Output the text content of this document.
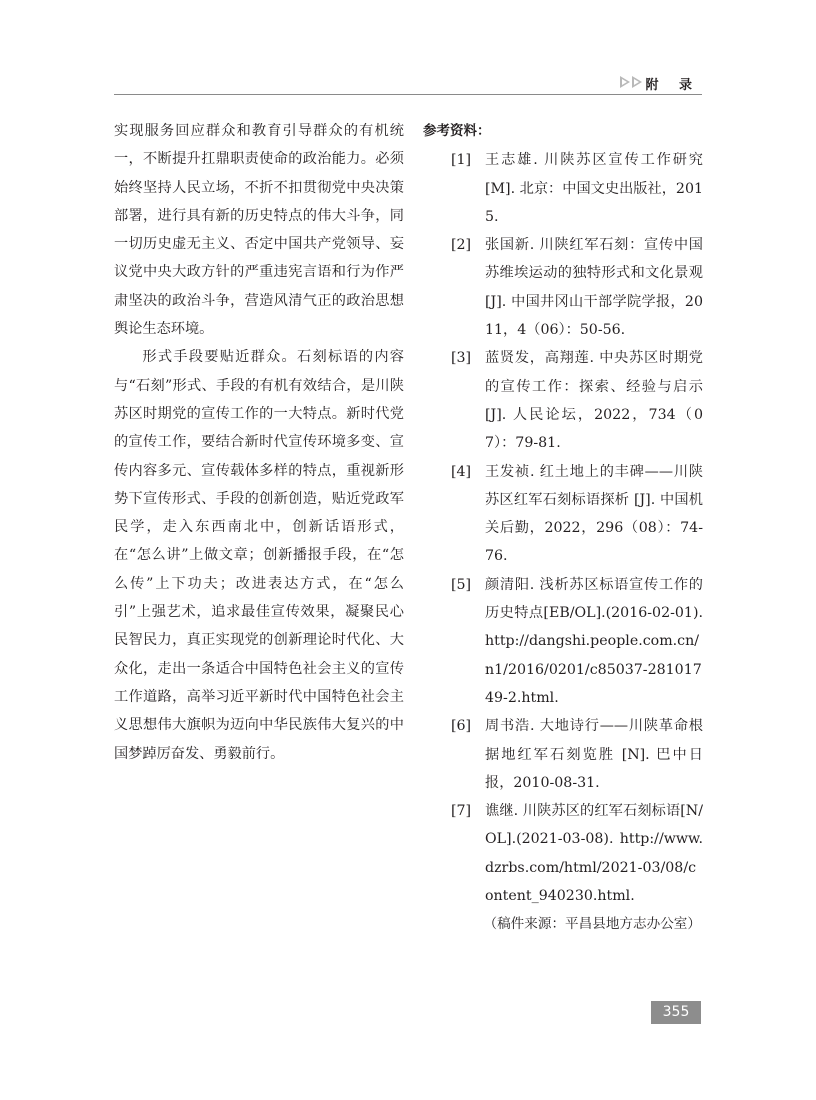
附 录

实现服务回应群众和教育引导群众的有机统一，不断提升扛鼎职责使命的政治能力。必须始终坚持人民立场，不折不扣贯彻党中央决策部署，进行具有新的历史特点的伟大斗争，同一切历史虚无主义、否定中国共产党领导、妄议党中央大政方针的严重违宪言语和行为作严肃坚决的政治斗争，营造风清气正的政治思想舆论生态环境。

形式手段要贴近群众。石刻标语的内容与“石刻”形式、手段的有机有效结合，是川陕苏区时期党的宣传工作的一大特点。新时代党的宣传工作，要结合新时代宣传环境多变、宣传内容多元、宣传载体多样的特点，重视新形势下宣传形式、手段的创新创造，贴近党政军民学，走入东西南北中，创新话语形式，在“怎么讲”上做文章；创新播报手段，在“怎么传”上下功夫；改进表达方式，在“怎么引”上强艺术，追求最佳宣传效果，凝聚民心民智民力，真正实现党的创新理论时代化、大众化，走出一条适合中国特色社会主义的宣传工作道路，高举习近平新时代中国特色社会主义思想伟大旗帜为迈向中华民族伟大复兴的中国梦踔厉奋发、勇毅前行。

参考资料：

[1] 王志雄. 川陕苏区宣传工作研究[M]. 北京：中国文史出版社，2015.
[2] 张国新. 川陕红军石刻：宣传中国苏维埃运动的独特形式和文化景观[J]. 中国井冈山干部学院学报，2011，4（06）：50-56.
[3] 蓝贤发，高翔莲. 中央苏区时期党的宣传工作：探索、经验与启示[J]. 人民论坛，2022，734（07）：79-81.
[4] 王发祯. 红土地上的丰碑——川陕苏区红军石刻标语探析 [J]. 中国机关后勤，2022，296（08）：74-76.
[5] 颜清阳. 浅析苏区标语宣传工作的历史特点[EB/OL].(2016-02-01). http://dangshi.people.com.cn/n1/2016/0201/c85037-28101749-2.html.
[6] 周书浩. 大地诗行——川陕革命根据地红军石刻览胜 [N]. 巴中日报，2010-08-31.
[7] 谯继. 川陕苏区的红军石刻标语[N/OL].(2021-03-08). http://www.dzrbs.com/html/2021-03/08/content_940230.html.

（稿件来源：平昌县地方志办公室）

355
